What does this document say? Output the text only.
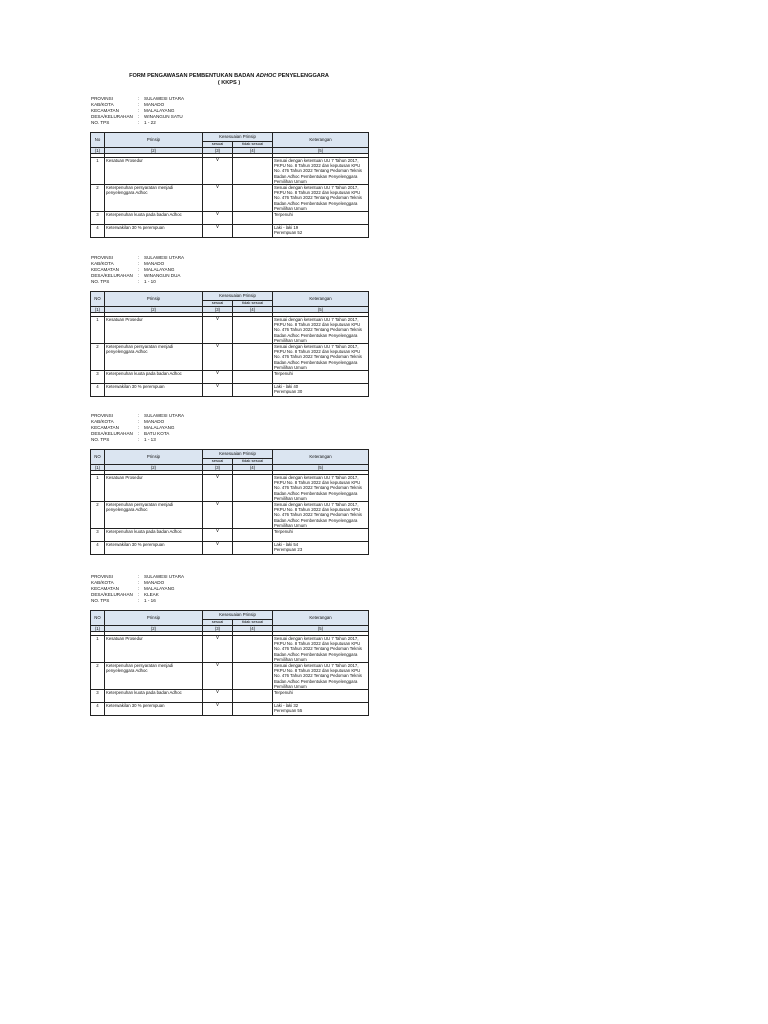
FORM PENGAWASAN PEMBENTUKAN BADAN ADHOC PENYELENGGARA
( KKPS )
PROVINSI	:	SULAWESI UTARA
KAB/KOTA	:	MANADO
KECAMATAN	:	MALALAYANG
DESA/KELURAHAN	:	WINANGUN SATU
NO. TPS	:	1 - 22
No	Prinsip	Kesesuaian Prinsip		Keterangan
		sesuai	tidak sesuai	
(1)	(2)	(3)	(4)	(5)

1	Kesatuan Prosedur	v		Sesuai dengan ketentuan UU 7 Tahun 2017, PKPU No. 8 Tahun 2022 dan keputusan KPU No. 476 Tahun 2022 Tentang Pedoman Teknis Badan Adhoc Pembentukan Penyelenggara Pemilihan Umum
2	Keterpenuhan persyaratan menjadi penyelenggara Adhoc	v		Sesuai dengan ketentuan UU 7 Tahun 2017, PKPU No. 8 Tahun 2022 dan keputusan KPU No. 476 Tahun 2022 Tentang Pedoman Teknis Badan Adhoc Pembentukan Penyelenggara Pemilihan Umum
3	Keterpenuhan kuota pada badan Adhoc	v		Terpenuhi
4	Keterwakilan 30 % perempuan	v		Laki - laki 19
Perempuan 52
PROVINSI	:	SULAWESI UTARA
KAB/KOTA	:	MANADO
KECAMATAN	:	MALALAYANG
DESA/KELURAHAN	:	WINANGUN DUA
NO. TPS	:	1 - 10
NO	Prinsip	Kesesuaian Prinsip		Keterangan
		sesuai	tidak sesuai	
(1)	(2)	(3)	(4)	(5)

1	Kesatuan Prosedur	v		Sesuai dengan ketentuan UU 7 Tahun 2017, PKPU No. 8 Tahun 2022 dan keputusan KPU No. 476 Tahun 2022 Tentang Pedoman Teknis Badan Adhoc Pembentukan Penyelenggara Pemilihan Umum
2	Keterpenuhan persyaratan menjadi penyelenggara Adhoc	v		Sesuai dengan ketentuan UU 7 Tahun 2017, PKPU No. 8 Tahun 2022 dan keputusan KPU No. 476 Tahun 2022 Tentang Pedoman Teknis Badan Adhoc Pembentukan Penyelenggara Pemilihan Umum
3	Keterpenuhan kuota pada badan Adhoc	v		Terpenuhi
4	Keterwakilan 30 % perempuan	v		Laki - laki 40
Perempuan 30
PROVINSI	:	SULAWESI UTARA
KAB/KOTA	:	MANADO
KECAMATAN	:	MALALAYANG
DESA/KELURAHAN	:	BATU KOTA
NO. TPS	:	1 - 13
NO	Prinsip	Kesesuaian Prinsip		Keterangan
		sesuai	tidak sesuai	
(1)	(2)	(3)	(4)	(5)

1	Kesatuan Prosedur	v		Sesuai dengan ketentuan UU 7 Tahun 2017, PKPU No. 8 Tahun 2022 dan keputusan KPU No. 476 Tahun 2022 Tentang Pedoman Teknis Badan Adhoc Pembentukan Penyelenggara Pemilihan Umum
2	Keterpenuhan persyaratan menjadi penyelenggara Adhoc	v		Sesuai dengan ketentuan UU 7 Tahun 2017, PKPU No. 8 Tahun 2022 dan keputusan KPU No. 476 Tahun 2022 Tentang Pedoman Teknis Badan Adhoc Pembentukan Penyelenggara Pemilihan Umum
3	Keterpenuhan kuota pada badan Adhoc	v		Terpenuhi
4	Keterwakilan 30 % perempuan	v		Laki - laki 54
Perempuan 23
PROVINSI	:	SULAWESI UTARA
KAB/KOTA	:	MANADO
KECAMATAN	:	MALALAYANG
DESA/KELURAHAN	:	KLEAK
NO. TPS	:	1 - 16
NO	Prinsip	Kesesuaian Prinsip		Keterangan
		sesuai	tidak sesuai	
(1)	(2)	(3)	(4)	(5)

1	Kesatuan Prosedur	v		Sesuai dengan ketentuan UU 7 Tahun 2017, PKPU No. 8 Tahun 2022 dan keputusan KPU No. 476 Tahun 2022 Tentang Pedoman Teknis Badan Adhoc Pembentukan Penyelenggara Pemilihan Umum
2	Keterpenuhan persyaratan menjadi penyelenggara Adhoc	v		Sesuai dengan ketentuan UU 7 Tahun 2017, PKPU No. 8 Tahun 2022 dan keputusan KPU No. 476 Tahun 2022 Tentang Pedoman Teknis Badan Adhoc Pembentukan Penyelenggara Pemilihan Umum
3	Keterpenuhan kuota pada badan Adhoc	v		Terpenuhi
4	Keterwakilan 30 % perempuan	v		Laki - laki 32
Perempuan 55
